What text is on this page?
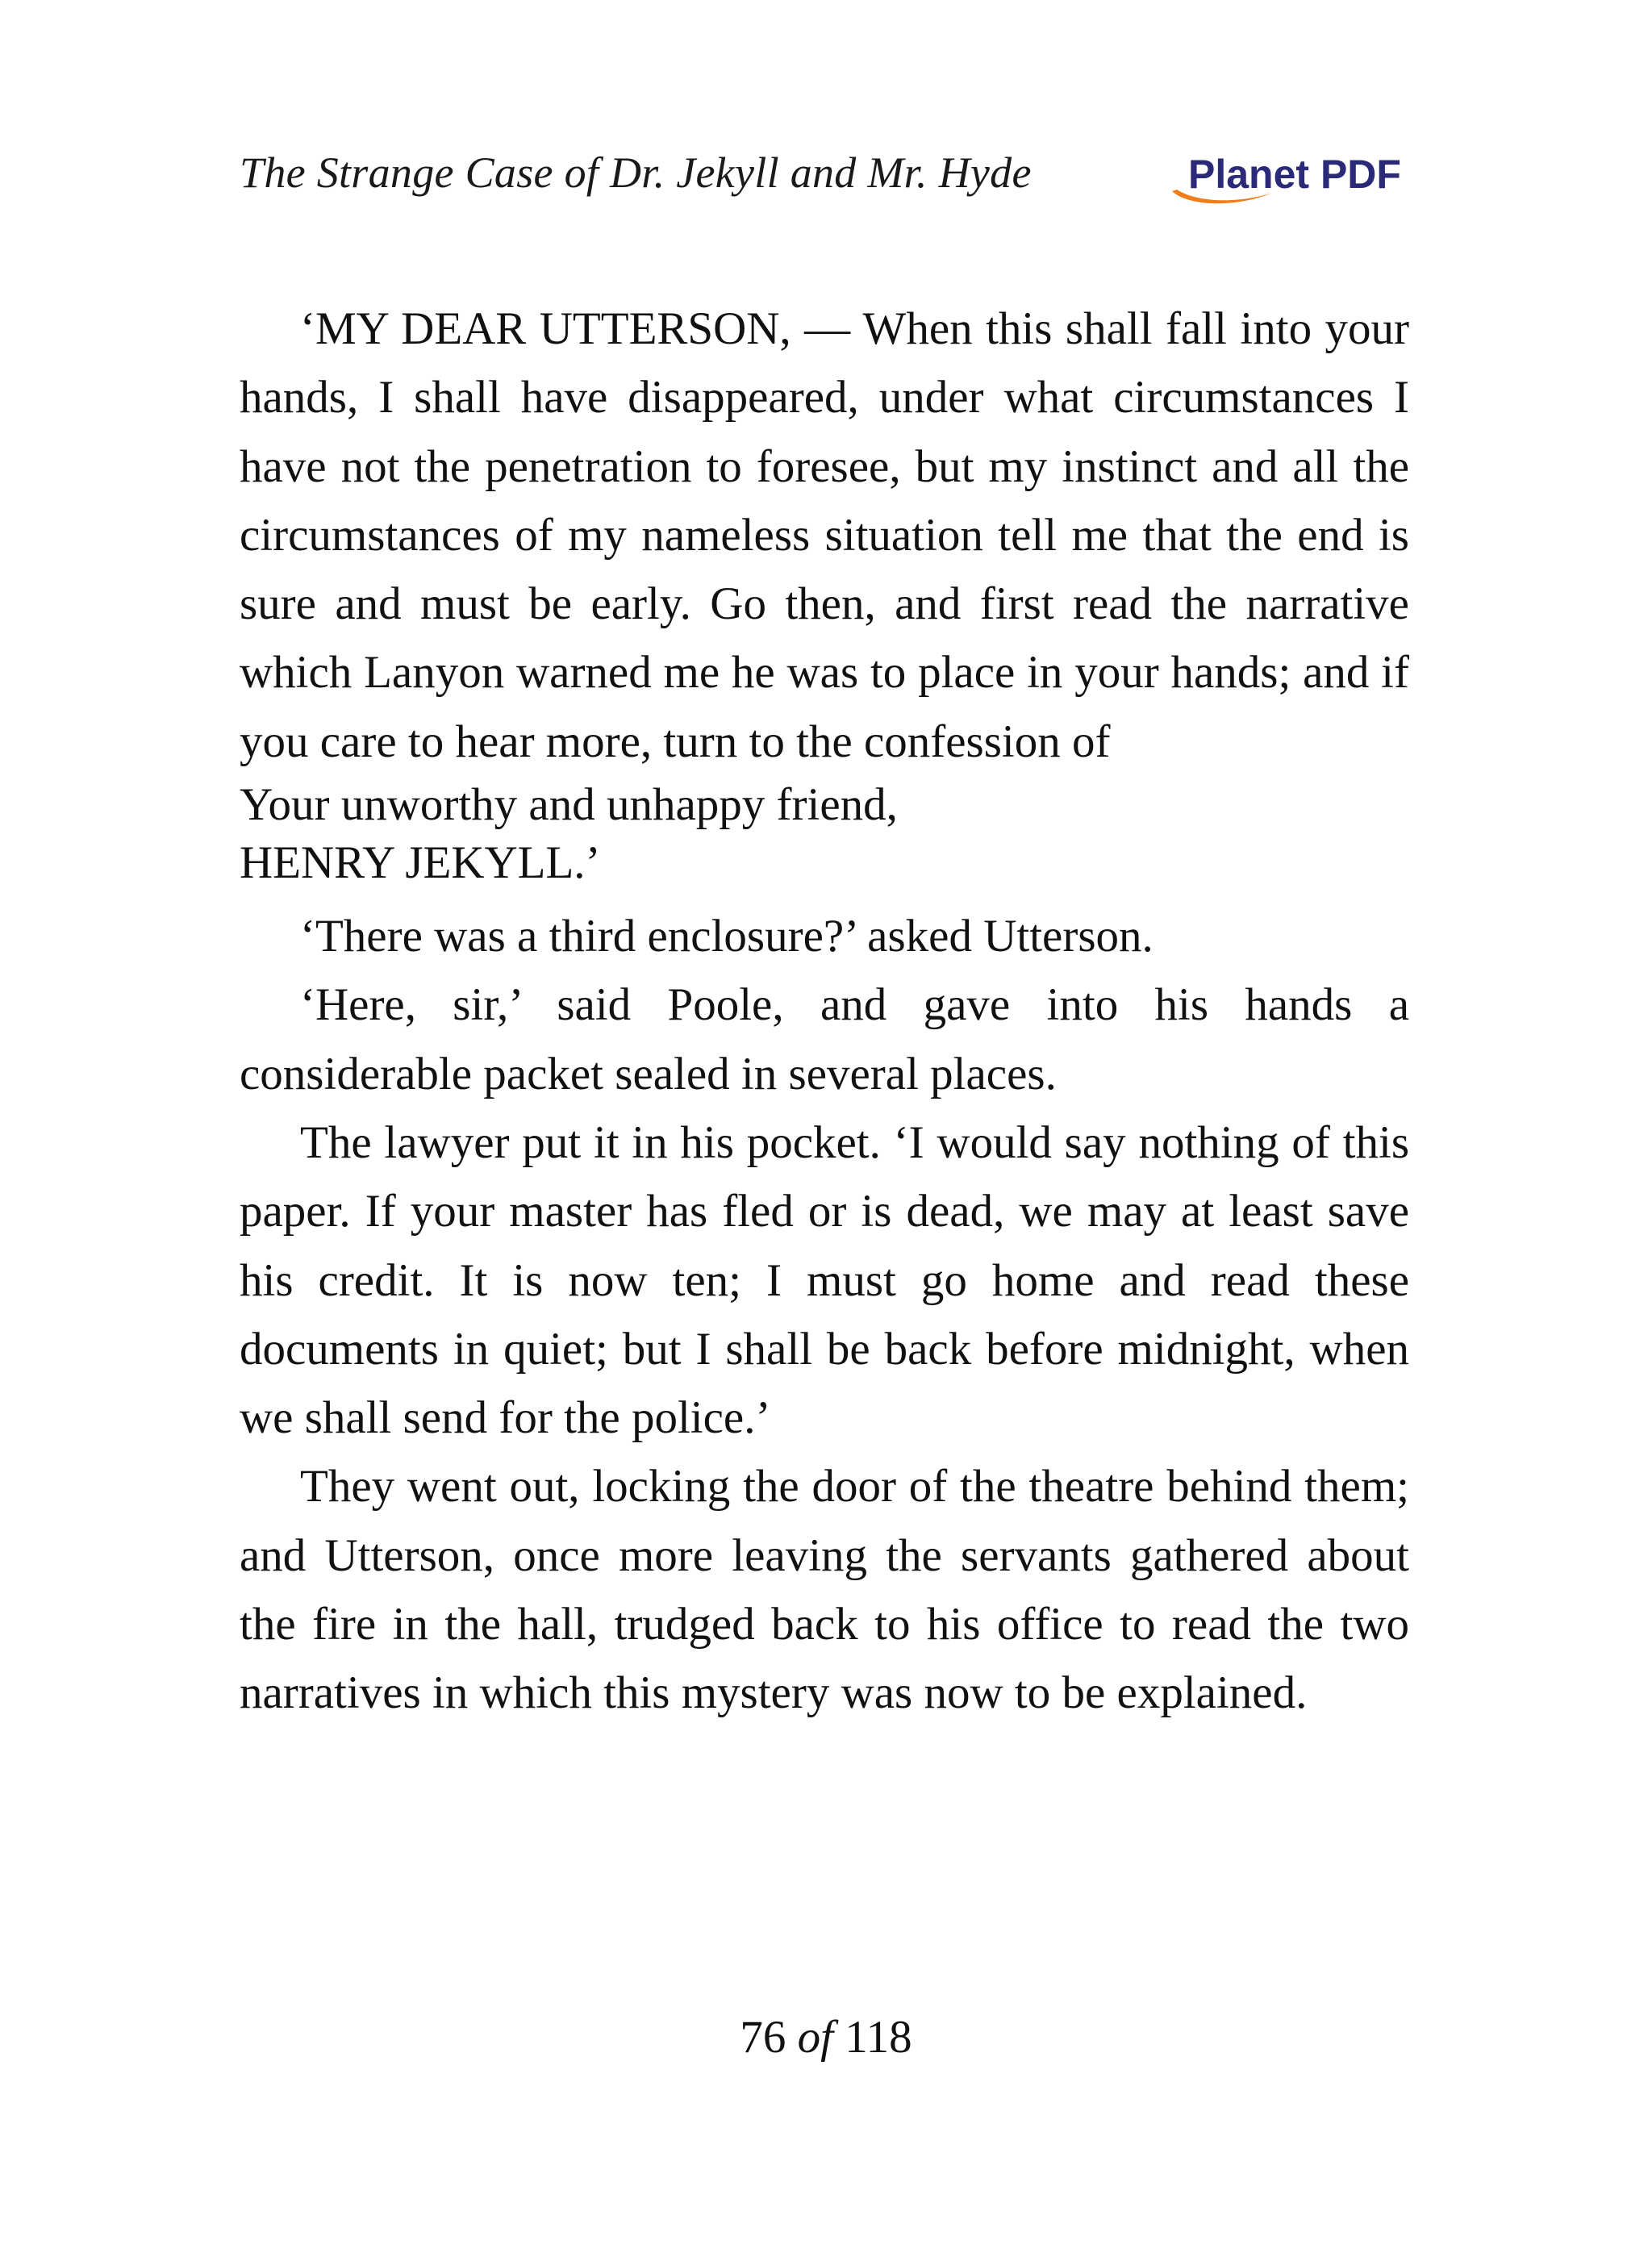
The Strange Case of Dr. Jekyll and Mr. Hyde	Planet PDF

‘MY DEAR UTTERSON, — When this shall fall into your hands, I shall have disappeared, under what circumstances I have not the penetration to foresee, but my instinct and all the circumstances of my nameless situation tell me that the end is sure and must be early. Go then, and first read the narrative which Lanyon warned me he was to place in your hands; and if you care to hear more, turn to the confession of

Your unworthy and unhappy friend,

HENRY JEKYLL.’

‘There was a third enclosure?’ asked Utterson.

‘Here, sir,’ said Poole, and gave into his hands a considerable packet sealed in several places.

The lawyer put it in his pocket. ‘I would say nothing of this paper. If your master has fled or is dead, we may at least save his credit. It is now ten; I must go home and read these documents in quiet; but I shall be back before midnight, when we shall send for the police.’

They went out, locking the door of the theatre behind them; and Utterson, once more leaving the servants gathered about the fire in the hall, trudged back to his office to read the two narratives in which this mystery was now to be explained.

76 of 118
